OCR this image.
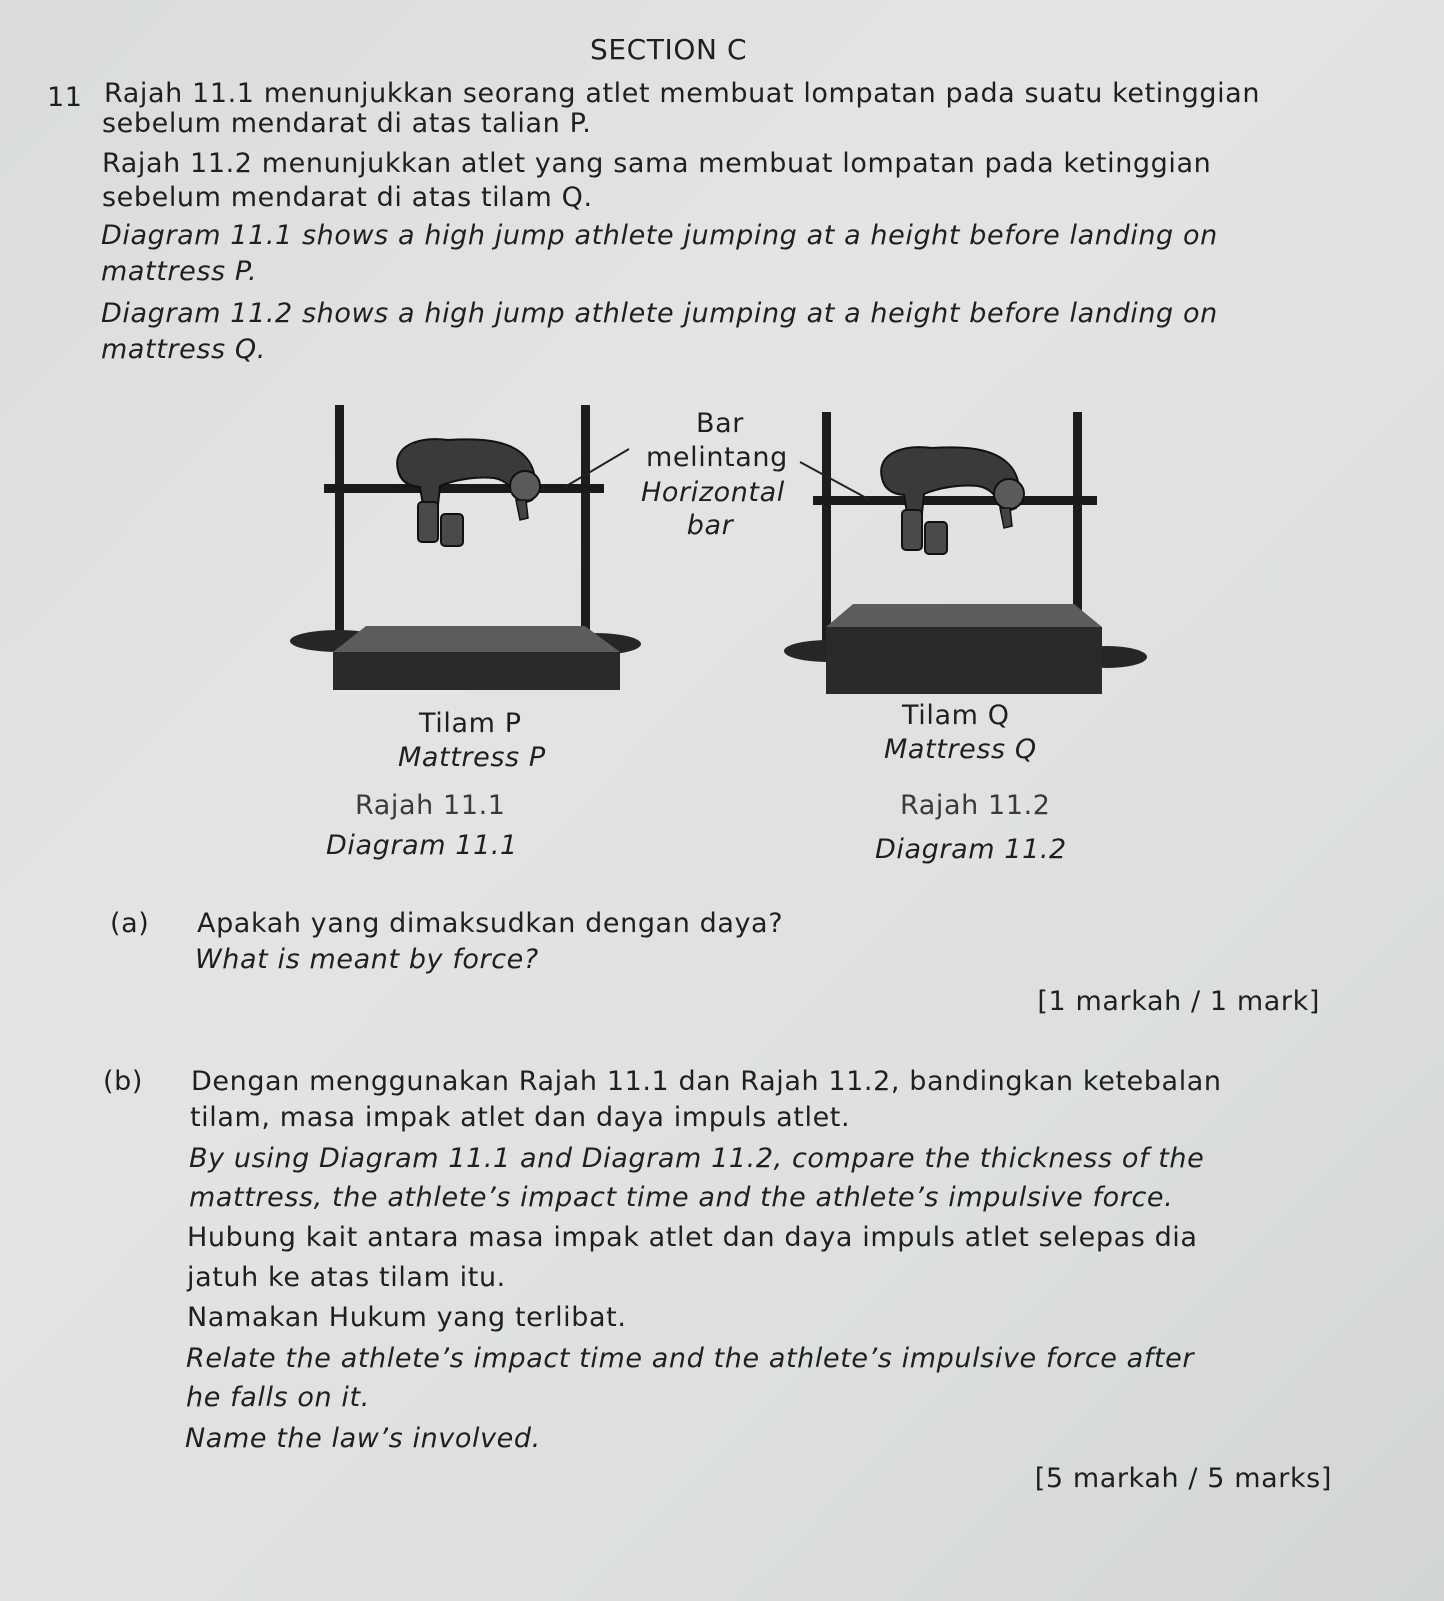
SECTION C
11 Rajah 11.1 menunjukkan seorang atlet membuat lompatan pada suatu ketinggian
sebelum mendarat di atas talian P.
Rajah 11.2 menunjukkan atlet yang sama membuat lompatan pada ketinggian
sebelum mendarat di atas tilam Q.
Diagram 11.1 shows a high jump athlete jumping at a height before landing on
mattress P.
Diagram 11.2 shows a high jump athlete jumping at a height before landing on
mattress Q.
Bar
melintang
Horizontal
bar
Tilam P
Mattress P
Tilam Q
Mattress Q
Rajah 11.1
Diagram 11.1
Rajah 11.2
Diagram 11.2
(a) Apakah yang dimaksudkan dengan daya?
What is meant by force?
[1 markah / 1 mark]
(b) Dengan menggunakan Rajah 11.1 dan Rajah 11.2, bandingkan ketebalan
tilam, masa impak atlet dan daya impuls atlet.
By using Diagram 11.1 and Diagram 11.2, compare the thickness of the
mattress, the athlete’s impact time and the athlete’s impulsive force.
Hubung kait antara masa impak atlet dan daya impuls atlet selepas dia
jatuh ke atas tilam itu.
Namakan Hukum yang terlibat.
Relate the athlete’s impact time and the athlete’s impulsive force after
he falls on it.
Name the law’s involved.
[5 markah / 5 marks]
